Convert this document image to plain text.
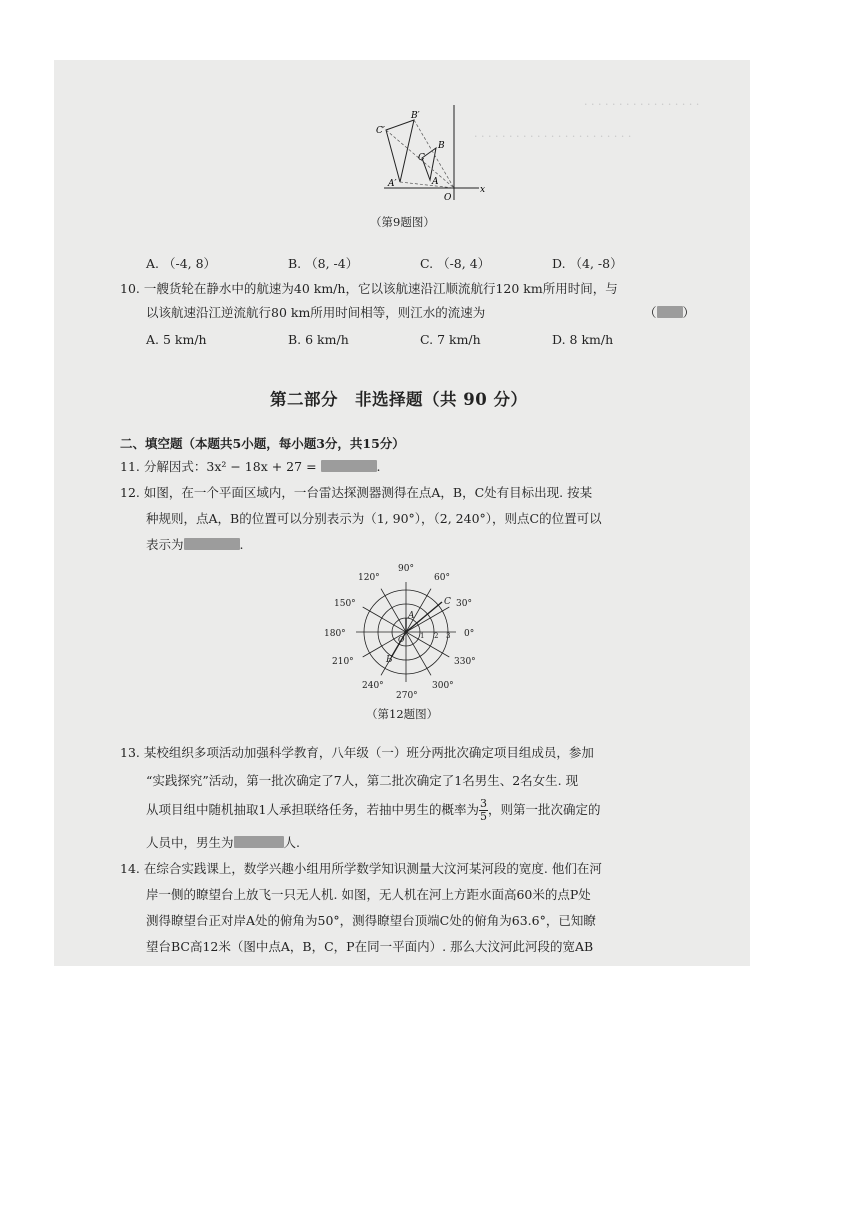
· · · · · · · · · · · · · · · · ·
· · · · · · · · · · · · · · · · · · · · · · ·
B′
C′
A′
B
C
A
O
x
（第9题图）
A. （-4, 8）	B. （8, -4）	C. （-8, 4）	D. （4, -8）
10. 一艘货轮在静水中的航速为40 km/h，它以该航速沿江顺流航行120 km所用时间，与
以该航速沿江逆流航行80 km所用时间相等，则江水的流速为	（ ）
A. 5 km/h	B. 6 km/h	C. 7 km/h	D. 8 km/h
第二部分　非选择题（共 90 分）
二、填空题（本题共5小题，每小题3分，共15分）
11. 分解因式：3x² − 18x + 27 =	.
12. 如图，在一个平面区域内，一台雷达探测器测得在点A，B，C处有目标出现. 按某
种规则，点A，B的位置可以分别表示为（1, 90°），（2, 240°），则点C的位置可以
表示为	.
90°
60°
30°
0°
330°
300°
270°
240°
210°
180°
150°
120°
1 2 3
A
B
C
O
（第12题图）
13. 某校组织多项活动加强科学教育，八年级（一）班分两批次确定项目组成员，参加
“实践探究”活动，第一批次确定了7人，第二批次确定了1名男生、2名女生. 现
从项目组中随机抽取1人承担联络任务，若抽中男生的概率为 $\frac{3}{5}$ ，则第一批次确定的
人员中，男生为	人.
14. 在综合实践课上，数学兴趣小组用所学数学知识测量大汶河某河段的宽度. 他们在河
岸一侧的瞭望台上放飞一只无人机. 如图，无人机在河上方距水面高60米的点P处
测得瞭望台正对岸A处的俯角为50°，测得瞭望台顶端C处的俯角为63.6°，已知瞭
望台BC高12米（图中点A，B，C，P在同一平面内）. 那么大汶河此河段的宽AB
